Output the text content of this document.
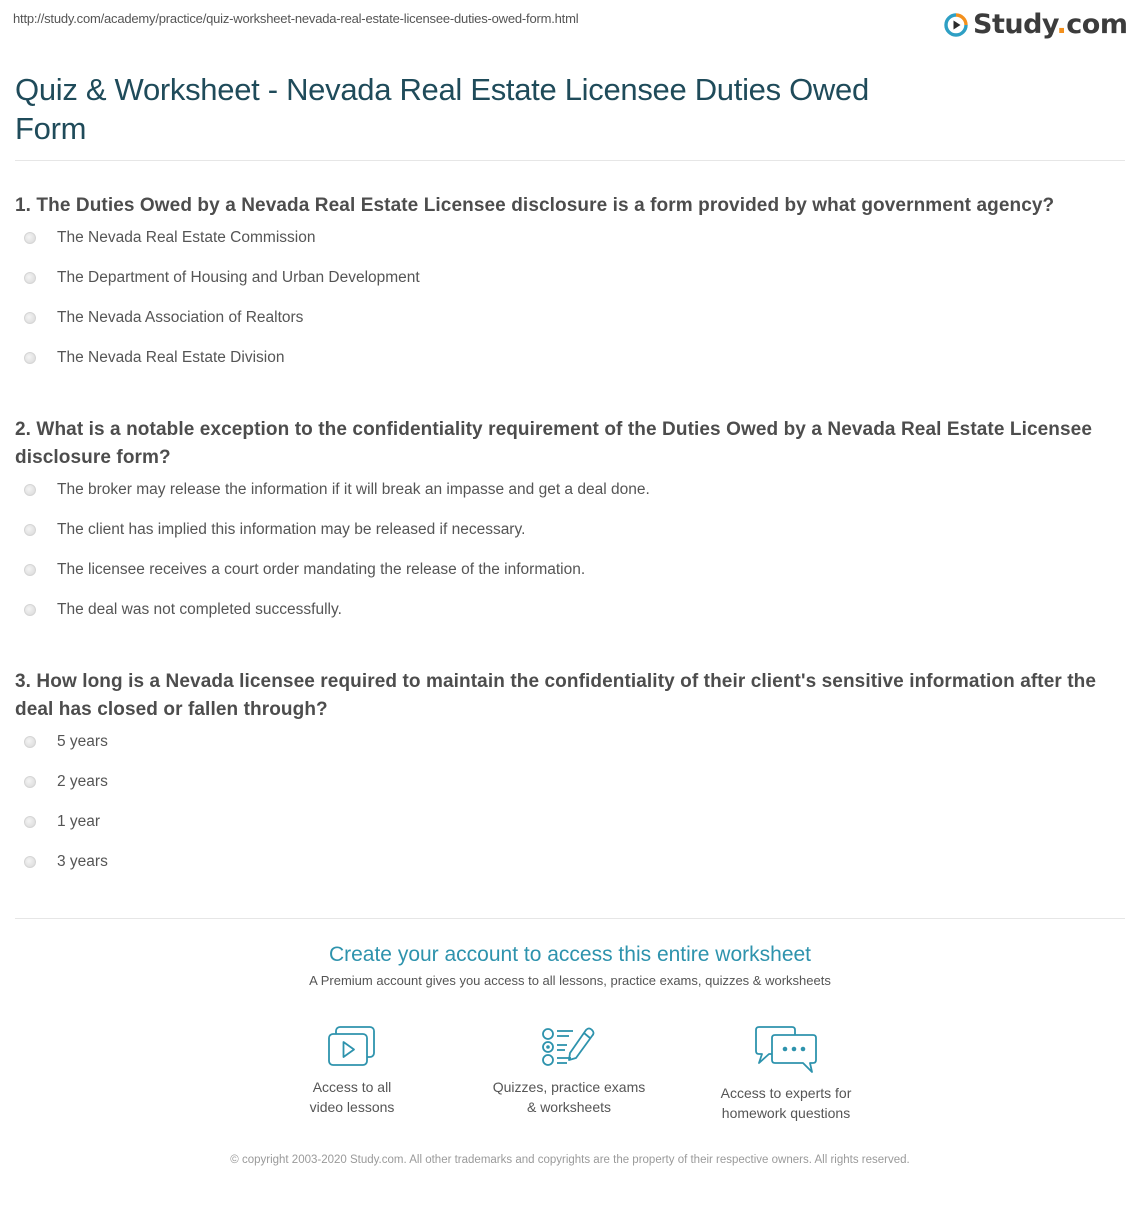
http://study.com/academy/practice/quiz-worksheet-nevada-real-estate-licensee-duties-owed-form.html	Study.com
Quiz & Worksheet - Nevada Real Estate Licensee Duties Owed Form

1. The Duties Owed by a Nevada Real Estate Licensee disclosure is a form provided by what government agency?

The Nevada Real Estate Commission
The Department of Housing and Urban Development
The Nevada Association of Realtors
The Nevada Real Estate Division

2. What is a notable exception to the confidentiality requirement of the Duties Owed by a Nevada Real Estate Licensee disclosure form?

The broker may release the information if it will break an impasse and get a deal done.
The client has implied this information may be released if necessary.
The licensee receives a court order mandating the release of the information.
The deal was not completed successfully.

3. How long is a Nevada licensee required to maintain the confidentiality of their client's sensitive information after the deal has closed or fallen through?

5 years
2 years
1 year
3 years
Create your account to access this entire worksheet
A Premium account gives you access to all lessons, practice exams, quizzes & worksheets
Access to all
video lessons
Quizzes, practice exams
& worksheets
Access to experts for
homework questions
© copyright 2003-2020 Study.com. All other trademarks and copyrights are the property of their respective owners. All rights reserved.
